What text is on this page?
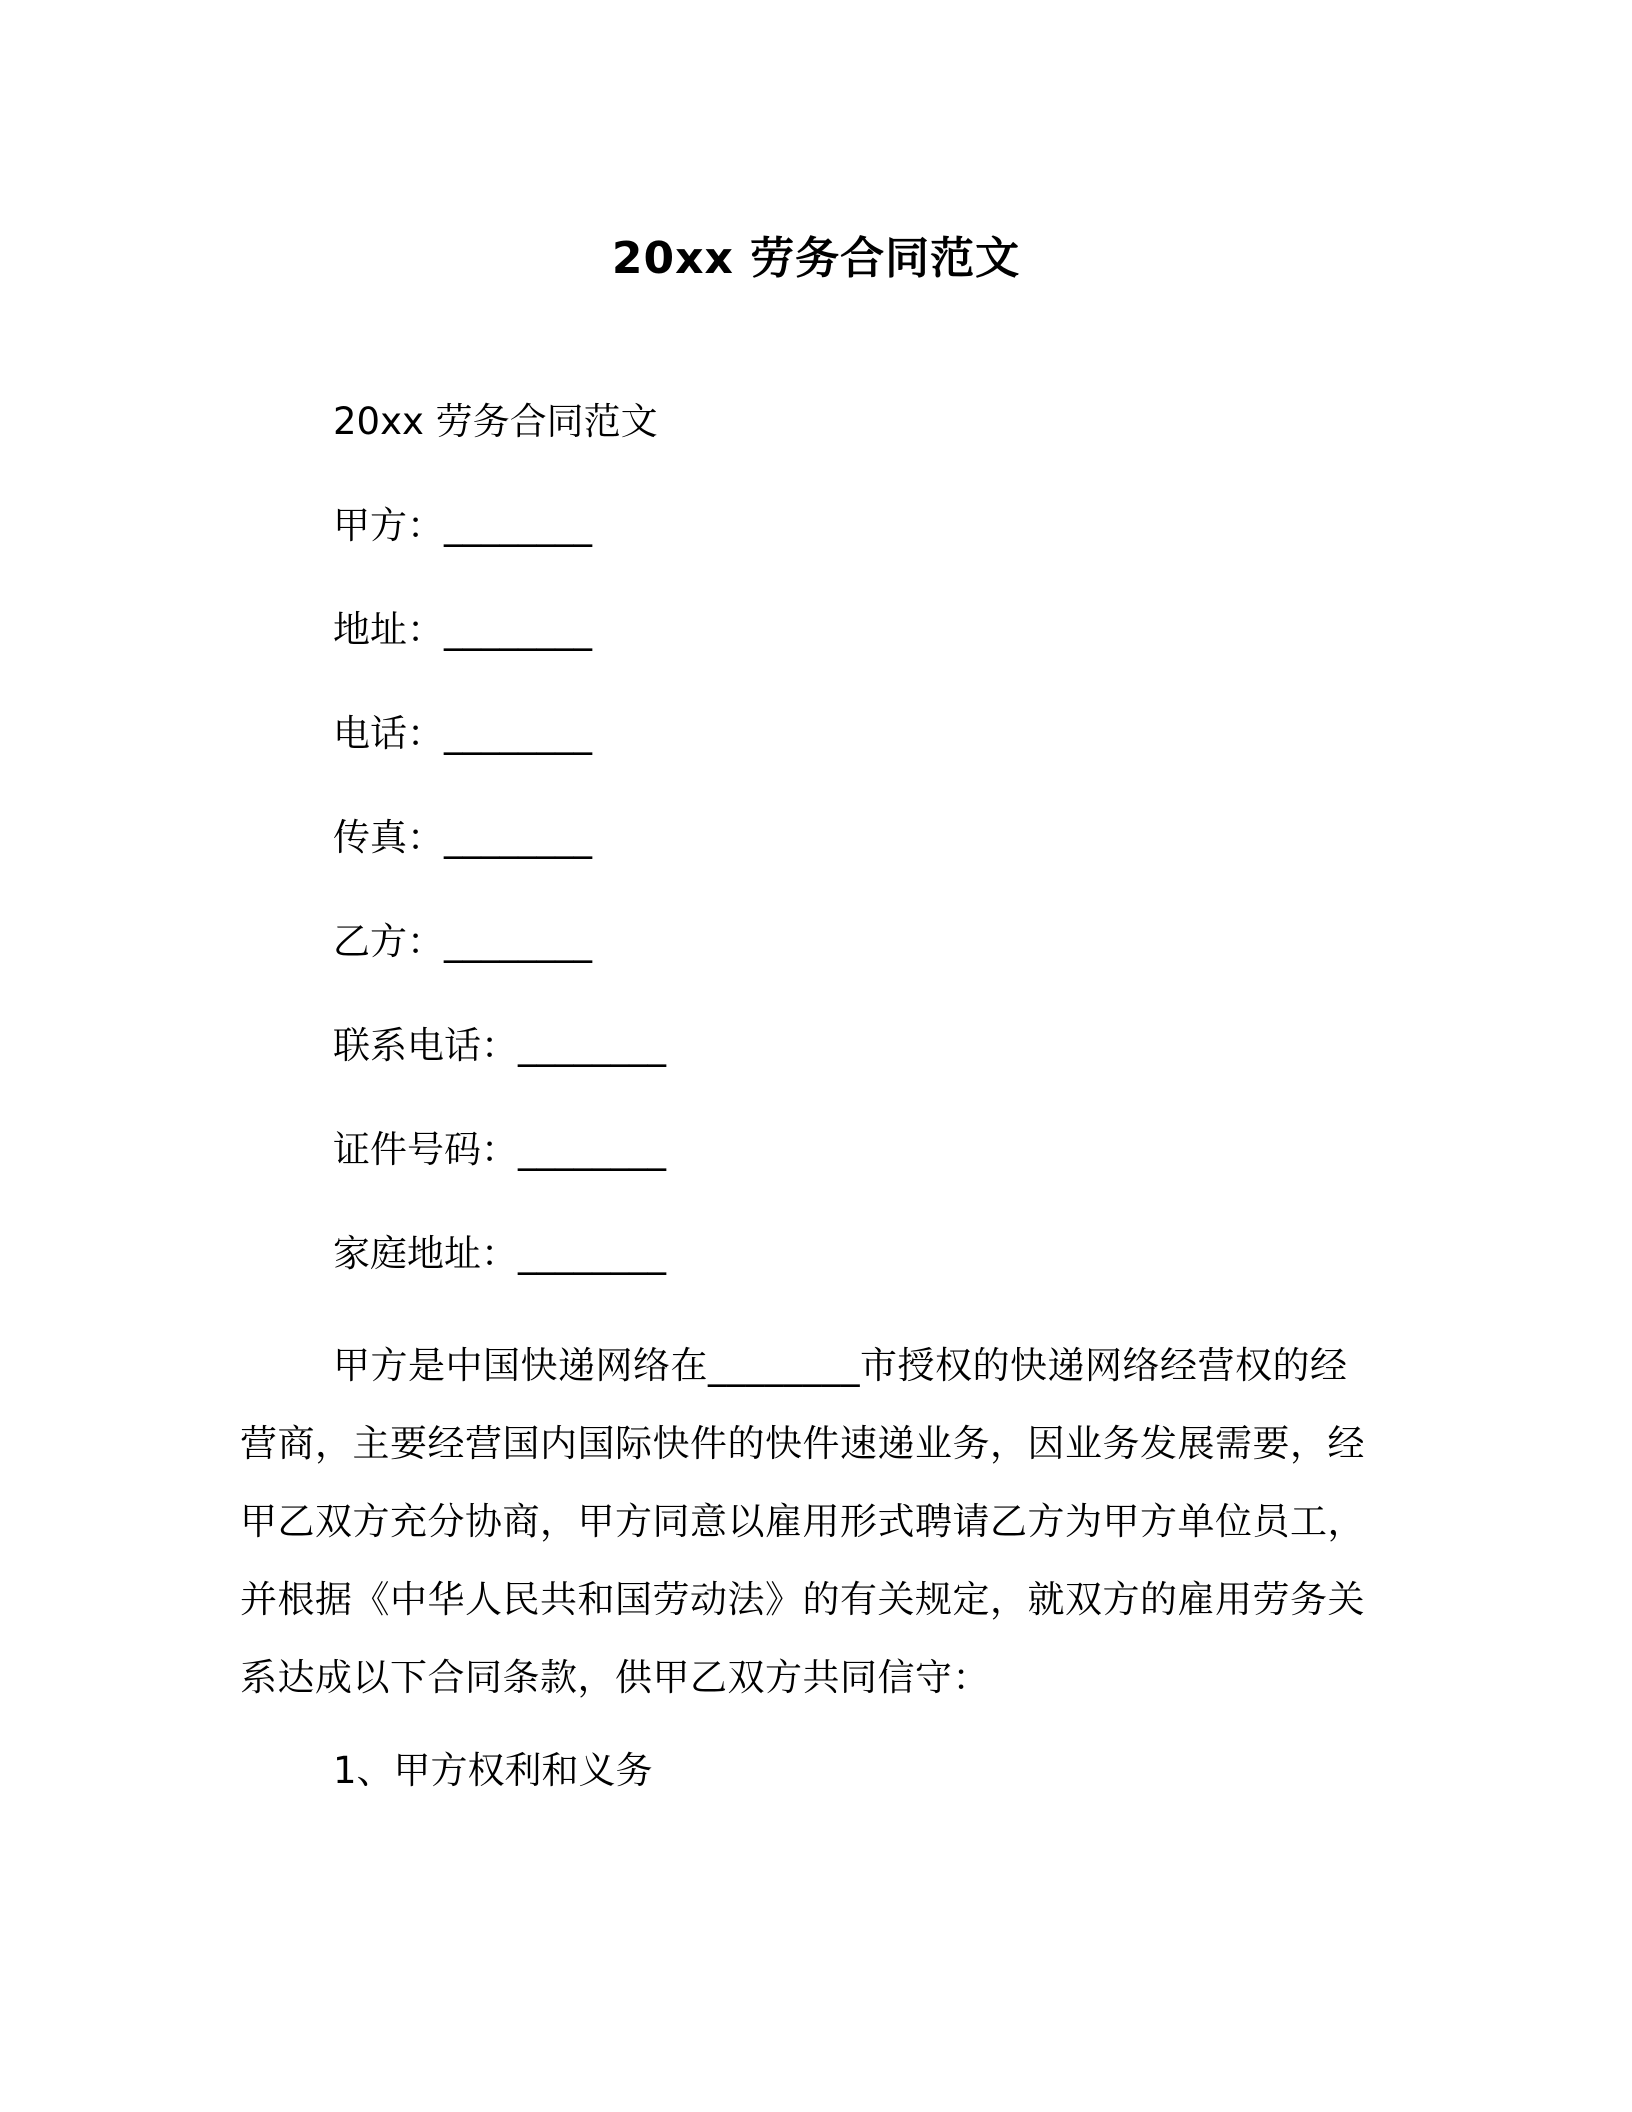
20xx 劳务合同范文
20xx 劳务合同范文
甲方：________
地址：________
电话：________
传真：________
乙方：________
联系电话：________
证件号码：________
家庭地址：________
甲方是中国快递网络在________市授权的快递网络经营权的经营商，主要经营国内国际快件的快件速递业务，因业务发展需要，经甲乙双方充分协商，甲方同意以雇用形式聘请乙方为甲方单位员工，并根据《中华人民共和国劳动法》的有关规定，就双方的雇用劳务关系达成以下合同条款，供甲乙双方共同信守：
1、甲方权利和义务
